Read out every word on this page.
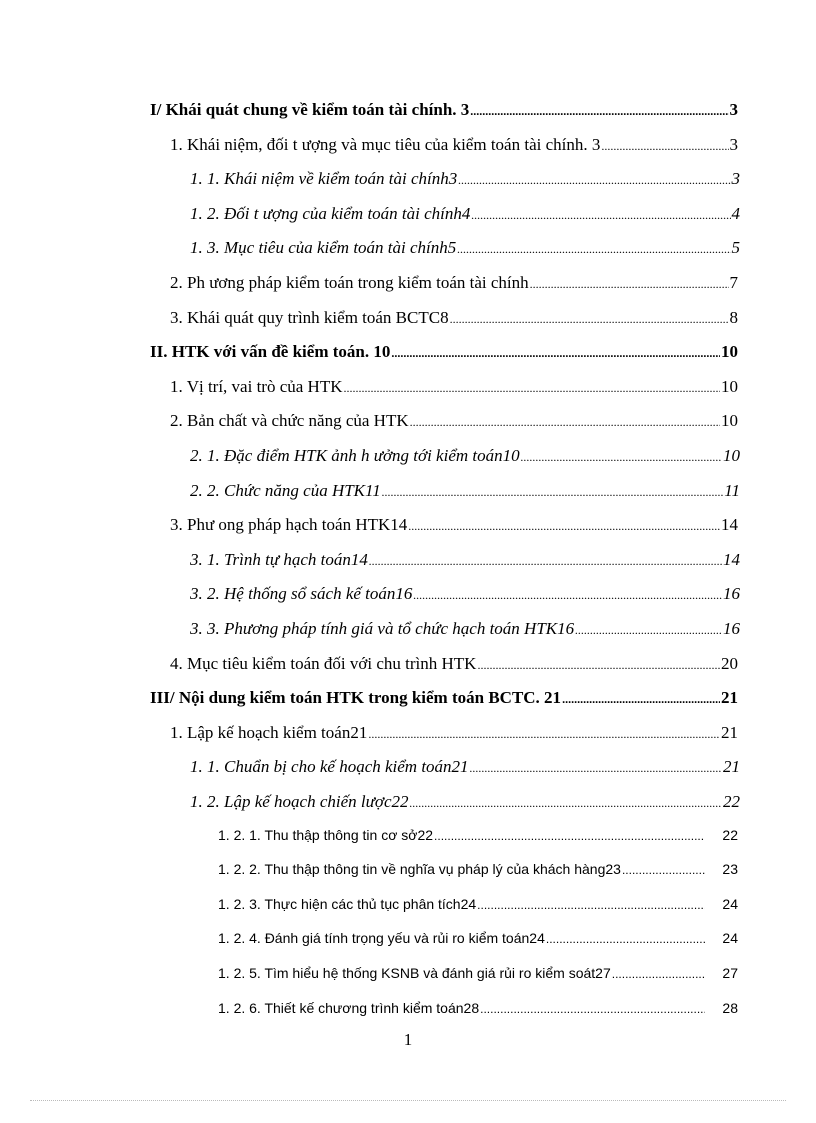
I/ Khái quát chung về kiểm toán tài chính. 3 .....	3
1. Khái niệm, đối t ượng và mục tiêu của kiểm toán tài chính. 3 .....	3
1. 1. Khái niệm về kiểm toán tài chính3 .....	3
1. 2. Đối t ượng của kiểm toán tài chính4 .....	4
1. 3. Mục tiêu của kiểm toán tài chính5 .....	5
2. Ph ương pháp kiểm toán trong kiểm toán tài chính .....	7
3. Khái quát quy trình kiểm toán BCTC8 .....	8
II. HTK với vấn đề kiểm toán. 10 .....	10
1. Vị trí, vai trò của HTK .....	10
2. Bản chất và chức năng của HTK .....	10
2. 1. Đặc điểm HTK ảnh h ưởng tới kiểm toán10 .....	10
2. 2. Chức năng của HTK11 .....	11
3. Phư ong pháp hạch toán HTK14 .....	14
3. 1. Trình tự hạch toán14 .....	14
3. 2. Hệ thống sổ sách kế toán16 .....	16
3. 3. Phương pháp tính giá và tổ chức hạch toán HTK16 .....	16
4. Mục tiêu kiểm toán đối với chu trình HTK .....	20
III/ Nội dung kiểm toán HTK trong kiểm toán BCTC. 21 .....	21
1. Lập kế hoạch kiểm toán21 .....	21
1. 1. Chuẩn bị cho kế hoạch kiểm toán21 .....	21
1. 2. Lập kế hoạch chiến lược22 .....	22
1. 2. 1. Thu thập thông tin cơ sở22 .....	22
1. 2. 2. Thu thập thông tin về nghĩa vụ pháp lý của khách hàng23 .....	23
1. 2. 3. Thực hiện các thủ tục phân tích24 .....	24
1. 2. 4. Đánh giá tính trọng yếu và rủi ro kiểm toán24 .....	24
1. 2. 5. Tìm hiểu hệ thống KSNB và đánh giá rủi ro kiểm soát27 .....	27
1. 2. 6. Thiết kế chương trình kiểm toán28 .....	28
1
